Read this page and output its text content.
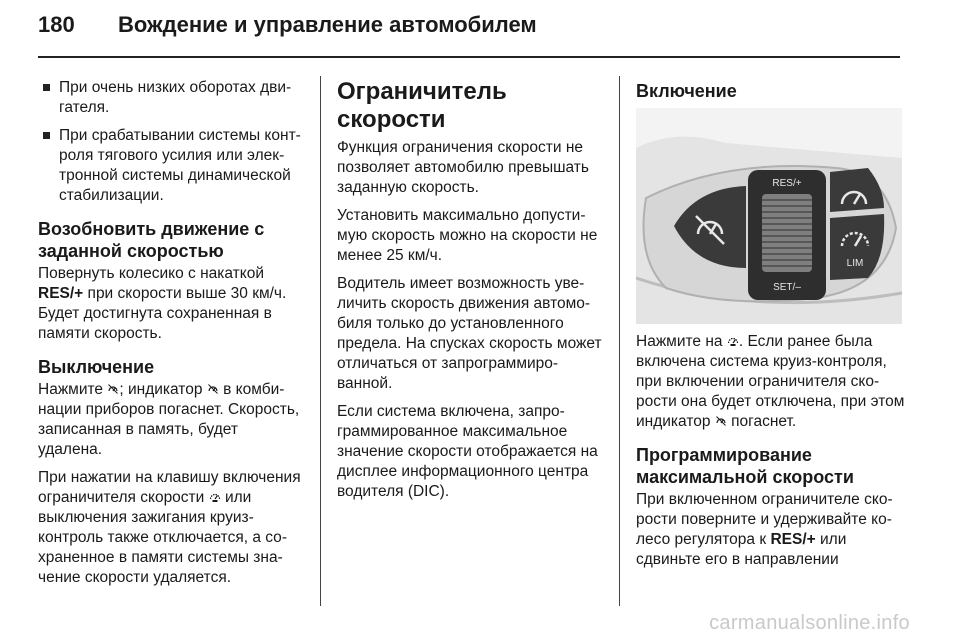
180 Вождение и управление автомобилем

При очень низких оборотах двигателя.

При срабатывании системы контроля тягового усилия или электронной системы динамической стабилизации.

Возобновить движение с
заданной скоростью

Повернуть колесико с накаткой RES/+ при скорости выше 30 км/ч. Будет достигнута сохраненная в памяти скорость.

Выключение

Нажмите ; индикатор в комбинации приборов погаснет. Скорость, записанная в память, будет удалена.

При нажатии на клавишу включения ограничителя скорости или выключения зажигания круиз-контроль также отключается, а сохраненное в памяти системы значение скорости удаляется.

Ограничитель скорости

Функция ограничения скорости не позволяет автомобилю превышать заданную скорость.

Установить максимально допустимую скорость можно на скорости не менее 25 км/ч.

Водитель имеет возможность увеличить скорость движения автомобиля только до установленного предела. На спусках скорость может отличаться от запрограммированной.

Если система включена, запрограммированное максимальное значение скорости отображается на дисплее информационного центра водителя (DIC).

Включение
RES/+
SET/–
LIM

Нажмите на . Если ранее была включена система круиз-контроля, при включении ограничителя скорости она будет отключена, при этом индикатор погаснет.

Программирование
максимальной скорости

При включенном ограничителе скорости поверните и удерживайте колесо регулятора к RES/+ или сдвиньте его в направлении

carmanualsonline.info
